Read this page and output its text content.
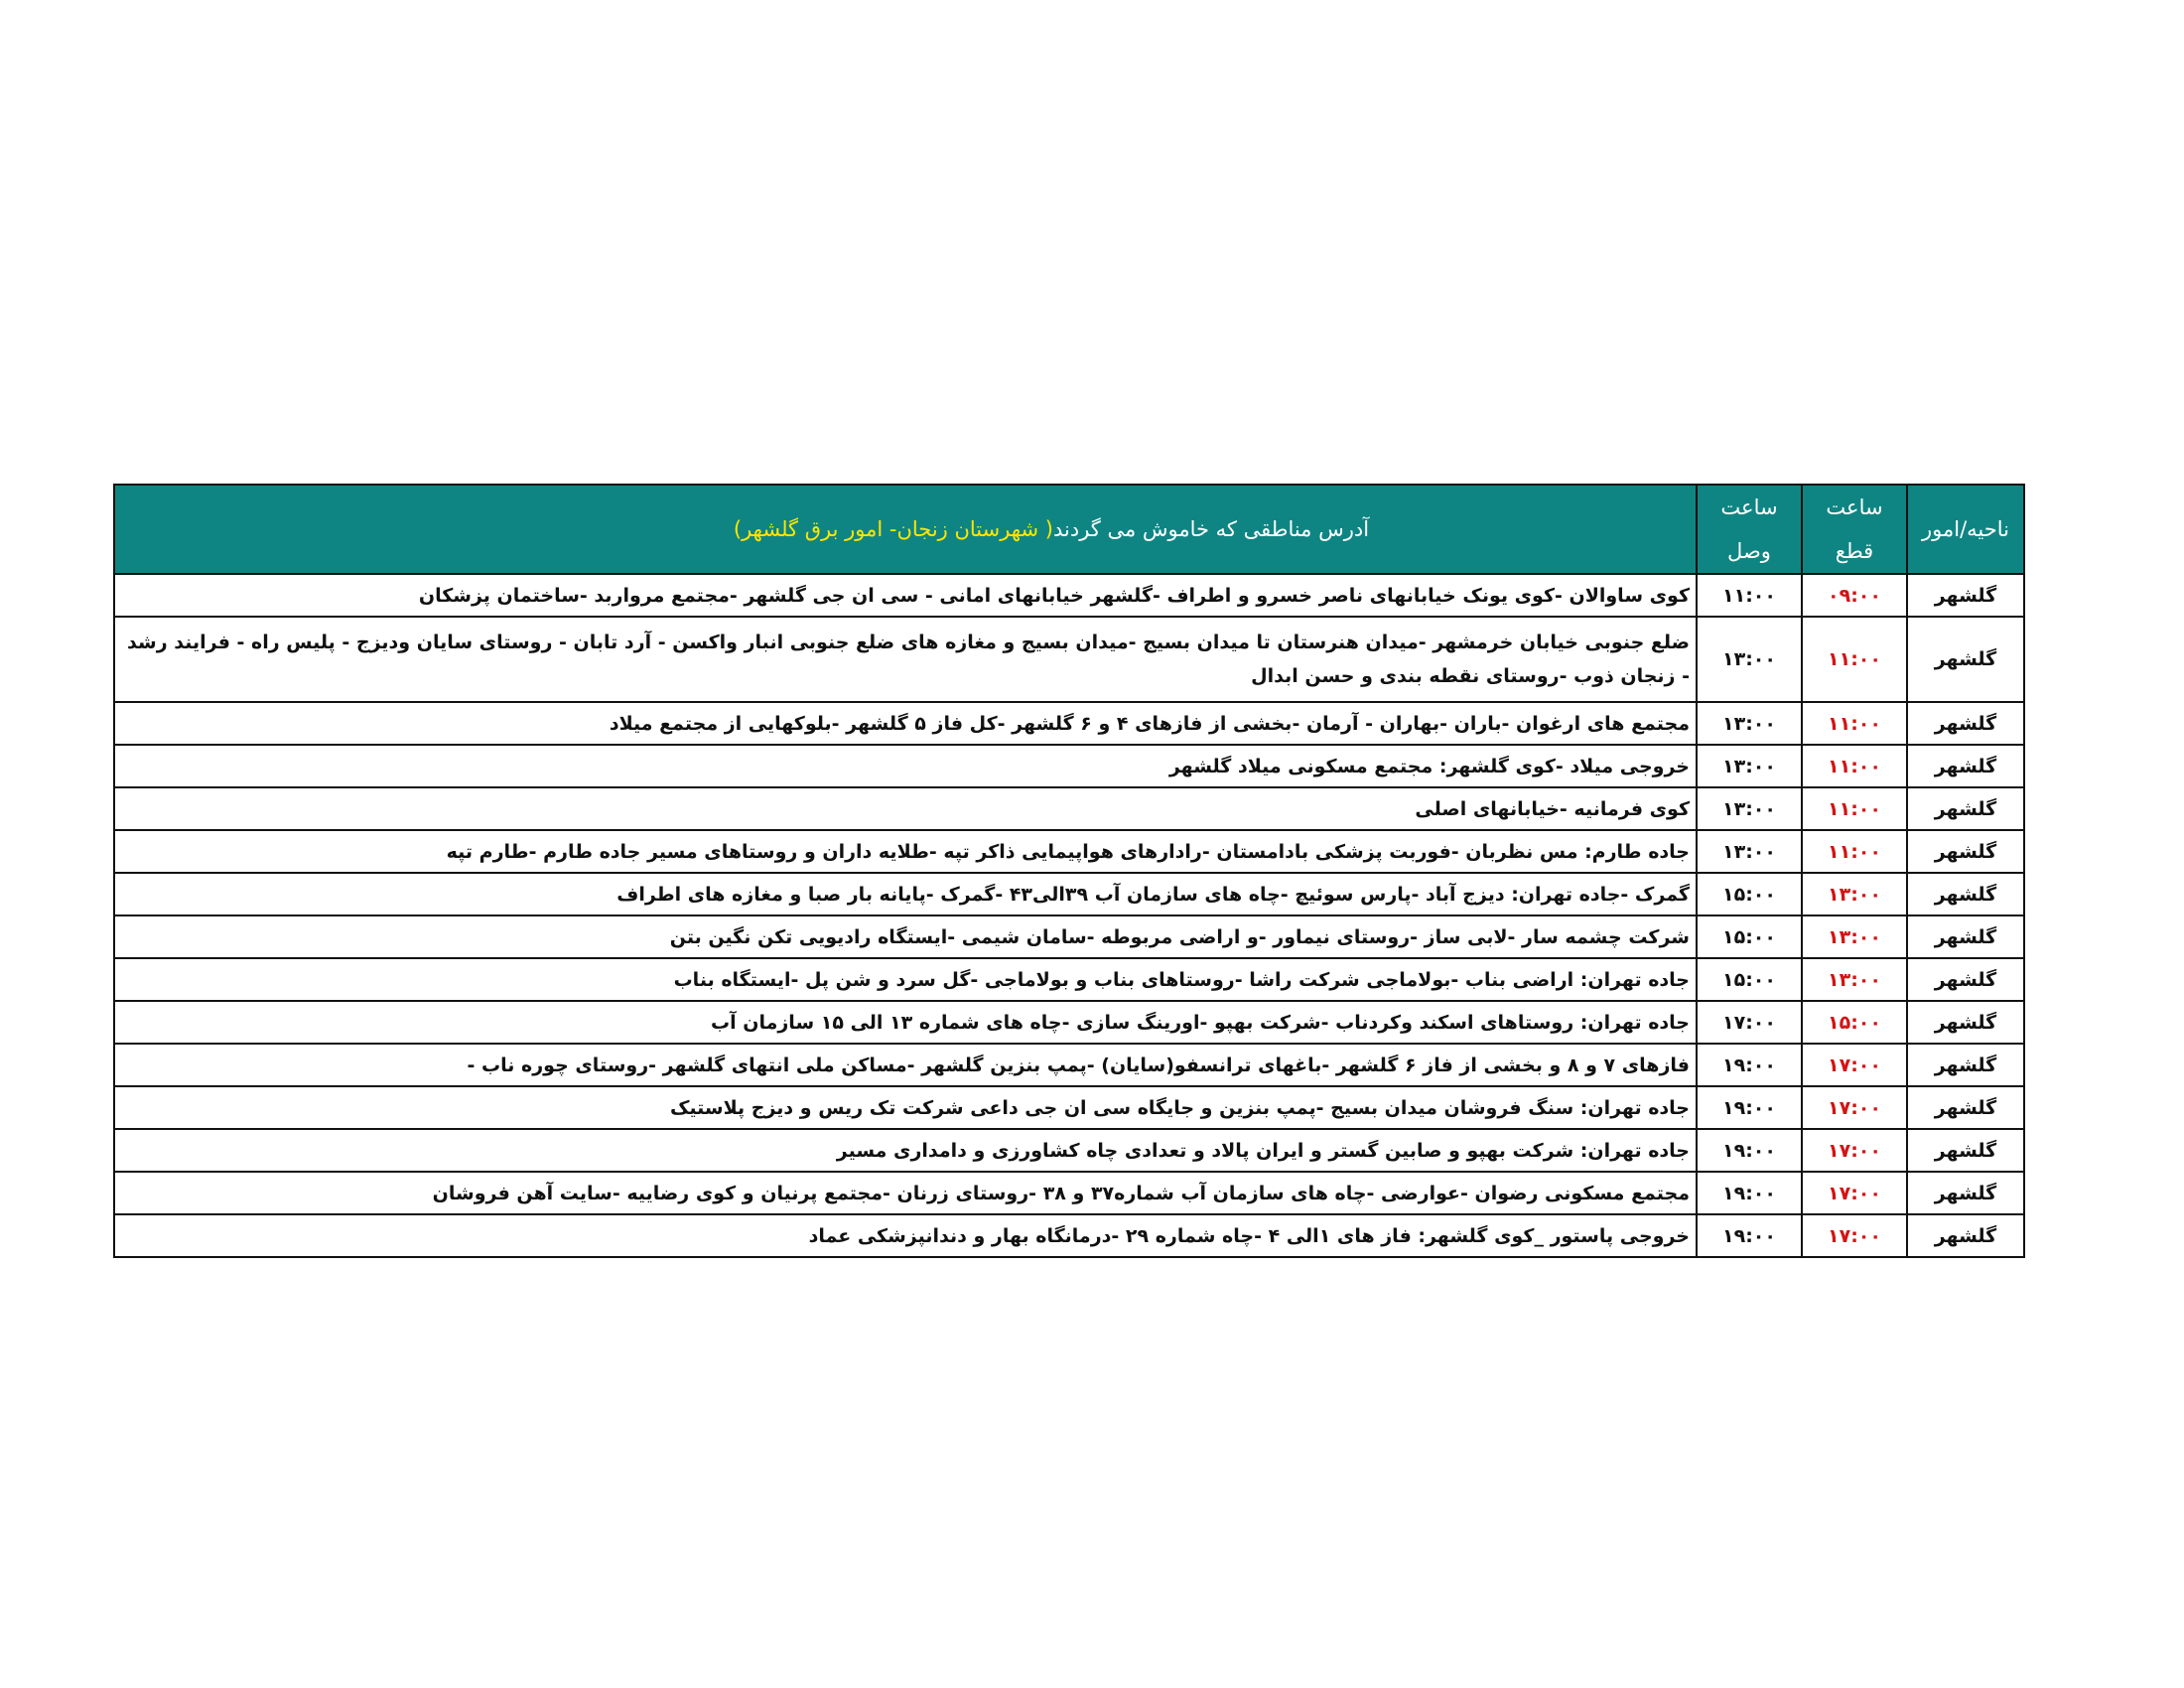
ناحیه/امور	ساعت قطع	ساعت وصل	آدرس مناطقی که خاموش می گردند( شهرستان زنجان- امور برق گلشهر)
گلشهر	۰۹:۰۰	۱۱:۰۰	کوی ساوالان -کوی یونک خیابانهای ناصر خسرو و اطراف -گلشهر خیابانهای امانی - سی ان جی گلشهر -مجتمع مرواربد -ساختمان پزشکان
گلشهر	۱۱:۰۰	۱۳:۰۰	ضلع جنوبی خیابان خرمشهر -میدان هنرستان تا میدان بسیج -میدان بسیج و مغازه های ضلع جنوبی انبار واکسن - آرد تابان - روستای سایان ودیزج - پلیس راه - فرایند رشد - زنجان ذوب -روستای نقطه بندی و حسن ابدال
گلشهر	۱۱:۰۰	۱۳:۰۰	مجتمع های ارغوان -باران -بهاران - آرمان -بخشی از فازهای ۴ و ۶ گلشهر -کل فاز ۵ گلشهر -بلوکهایی از مجتمع میلاد
گلشهر	۱۱:۰۰	۱۳:۰۰	خروجی میلاد -کوی گلشهر: مجتمع مسکونی میلاد گلشهر
گلشهر	۱۱:۰۰	۱۳:۰۰	کوی فرمانیه -خیابانهای اصلی
گلشهر	۱۱:۰۰	۱۳:۰۰	جاده طارم: مس نظربان -فوربت پزشکی بادامستان -رادارهای هواپیمایی ذاکر تپه -طلایه داران و روستاهای مسیر جاده طارم -طارم تپه
گلشهر	۱۳:۰۰	۱۵:۰۰	گمرک -جاده تهران: دیزج آباد -پارس سوئیچ -چاه های سازمان آب ۳۹الی۴۳ -گمرک -پایانه بار صبا و مغازه های اطراف
گلشهر	۱۳:۰۰	۱۵:۰۰	شرکت چشمه سار -لابی ساز -روستای نیماور -و اراضی مربوطه -سامان شیمی -ایستگاه رادیویی تکن نگین بتن
گلشهر	۱۳:۰۰	۱۵:۰۰	جاده تهران: اراضی بناب -بولاماجی شرکت راشا -روستاهای بناب و بولاماجی -گل سرد و شن پل -ایستگاه بناب
گلشهر	۱۵:۰۰	۱۷:۰۰	جاده تهران: روستاهای اسکند وکردناب -شرکت بهپو -اورینگ سازی -چاه های شماره ۱۳ الی ۱۵ سازمان آب
گلشهر	۱۷:۰۰	۱۹:۰۰	فازهای ۷ و ۸ و بخشی از فاز ۶ گلشهر -باغهای ترانسفو(سایان) -پمپ بنزین گلشهر -مساکن ملی انتهای گلشهر -روستای چوره ناب -
گلشهر	۱۷:۰۰	۱۹:۰۰	جاده تهران: سنگ فروشان میدان بسیج -پمپ بنزین و جایگاه سی ان جی داعی شرکت تک ریس و دیزج پلاستیک
گلشهر	۱۷:۰۰	۱۹:۰۰	جاده تهران: شرکت بهپو و صابین گستر و ایران پالاد و تعدادی چاه کشاورزی و دامداری مسیر
گلشهر	۱۷:۰۰	۱۹:۰۰	مجتمع مسکونی رضوان -عوارضی -چاه های سازمان آب شماره۳۷ و ۳۸ -روستای زرنان -مجتمع پرنیان و کوی رضاییه -سایت آهن فروشان
گلشهر	۱۷:۰۰	۱۹:۰۰	خروجی پاستور _کوی گلشهر: فاز های ۱الی ۴ -چاه شماره ۲۹ -درمانگاه بهار و دندانپزشکی عماد
